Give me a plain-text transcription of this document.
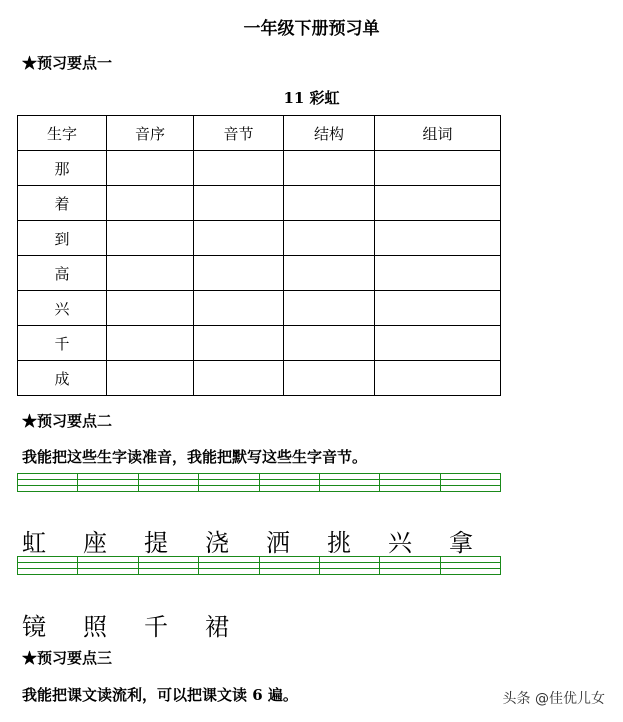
一年级下册预习单
★预习要点一
11 彩虹
生字	音序	音节	结构	组词
那				
着				
到				
高				
兴				
千				
成				
★预习要点二
我能把这些生字读准音，我能把默写这些生字音节。

虹	座	提	浇	洒	挑	兴	拿

镜	照	千	裙
★预习要点三
我能把课文读流利，可以把课文读 6 遍。	头条 @佳优儿女
